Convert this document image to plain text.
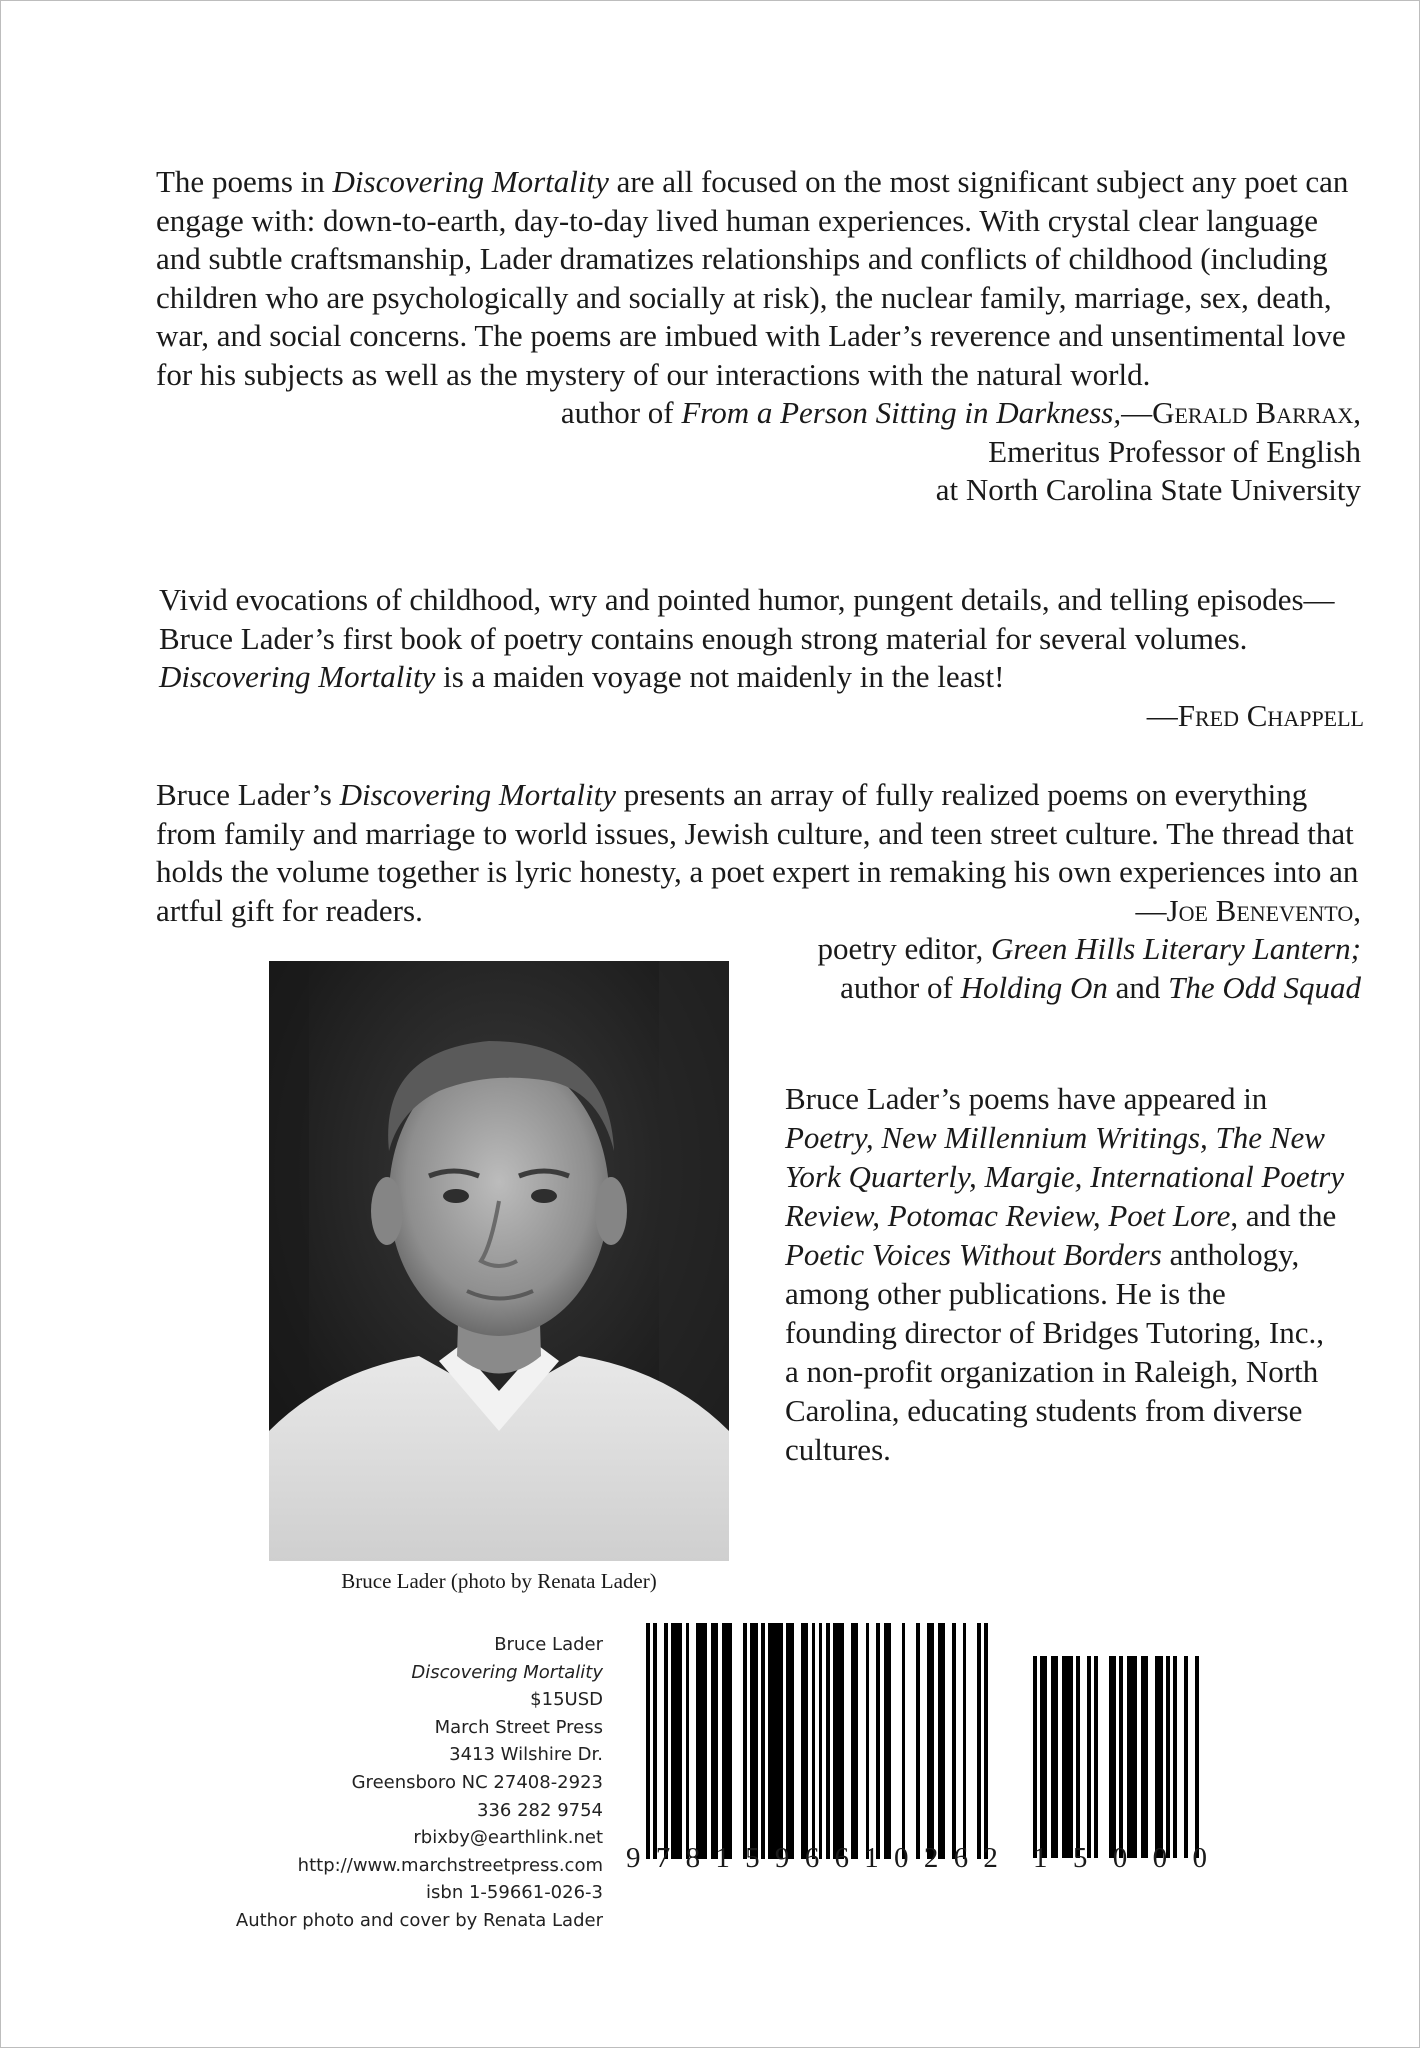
The poems in Discovering Mortality are all focused on the most significant subject any poet can engage with: down-to-earth, day-to-day lived human experiences. With crystal clear language and subtle craftsmanship, Lader dramatizes relationships and conflicts of childhood (including children who are psychologically and socially at risk), the nuclear family, marriage, sex, death, war, and social concerns. The poems are imbued with Lader’s reverence and unsentimental love for his subjects as well as the mystery of our interactions with the natural world.
—Gerald Barrax,

author of From a Person Sitting in Darkness,

Emeritus Professor of English

at North Carolina State University

Vivid evocations of childhood, wry and pointed humor, pungent details, and telling episodes—Bruce Lader’s first book of poetry contains enough strong material for several volumes. Discovering Mortality is a maiden voyage not maidenly in the least!

—Fred Chappell

Bruce Lader’s Discovering Mortality presents an array of fully realized poems on everything from family and marriage to world issues, Jewish culture, and teen street culture. The thread that holds the volume together is lyric honesty, a poet expert in remaking his own experiences into an artful gift for readers.	—Joe Benevento,

poetry editor, Green Hills Literary Lantern;

author of Holding On and The Odd Squad

Bruce Lader (photo by Renata Lader)
Bruce Lader’s poems have appeared in Poetry, New Millennium Writings, The New York Quarterly, Margie, International Poetry Review, Potomac Review, Poet Lore, and the Poetic Voices Without Borders anthology, among other publications. He is the founding director of Bridges Tutoring, Inc., a non-profit organization in Raleigh, North Carolina, educating students from diverse cultures.
Bruce Lader
Discovering Mortality
$15USD
March Street Press
3413 Wilshire Dr.
Greensboro NC 27408-2923
336 282 9754
rbixby@earthlink.net
http://www.marchstreetpress.com
isbn 1-59661-026-3
Author photo and cover by Renata Lader
9 7 8 1 5 9 6 6 1 0 2 6 2 1 5 0 0 0
